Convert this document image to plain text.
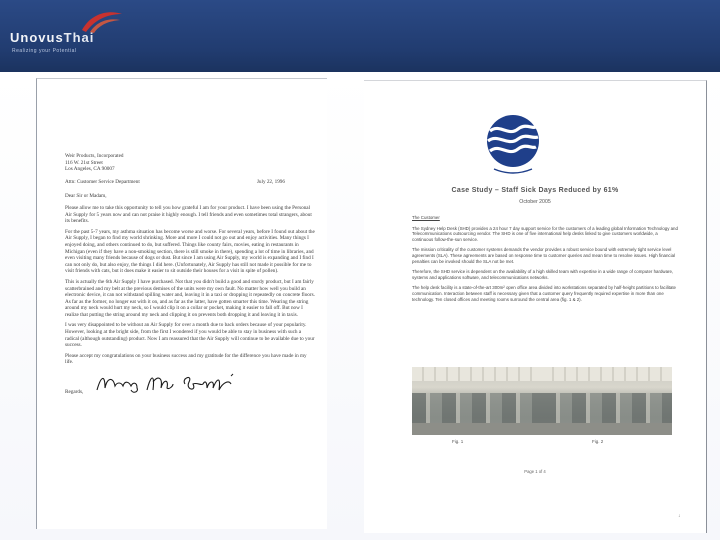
UnovusThai
Realizing your Potential
Weir Products, Incorporated
116 W. 21st Street
Los Angeles, CA 90007
Attn: Customer Service Department	July 22, 1996

Dear Sir or Madam,

Please allow me to take this opportunity to tell you how grateful I am for your product. I have been using the Personal Air Supply for 5 years now and can not praise it highly enough. I tell friends and even sometimes total strangers, about its benefits.

For the past 5-7 years, my asthma situation has become worse and worse. For several years, before I found out about the Air Supply, I began to find my world shrinking. More and more I could not go out and enjoy activities. Many things I enjoyed doing, and others continued to do, but suffered. Things like county fairs, movies, eating in restaurants in Michigan (even if they have a non-smoking section, there is still smoke in there), spending a lot of time in libraries, and even visiting many friends because of dogs or dust. But since I am using Air Supply, my world is expanding and I find I can not only do, but also enjoy, the things I did here. (Unfortunately, Air Supply has still not made it possible for me to visit friends with cats, but it does make it easier to sit outside their houses for a visit in spite of pollen).

This is actually the 6th Air Supply I have purchased. Not that you didn't build a good and sturdy product, but I am fairly scatterbrained and my belt at the previous demises of the units were my own fault. No matter how well you build an electronic device, it can not withstand spilling water and, leaving it in a taxi or dropping it repeatedly on concrete floors. As far as the former, no longer eat with it on, and as far as the latter, have gotten smarter this time. Wearing the string around my neck would hurt my neck, so I would clip it on a collar or pocket, making it easier to fall off. But now I realize that putting the string around my neck and clipping it on prevents both dropping it and leaving it in taxis.

I was very disappointed to be without an Air Supply for over a month due to back orders because of your popularity. However, looking at the bright side, from the first I wondered if you would be able to stay in business with such a radical (although outstanding) product. Now I am reassured that the Air Supply will continue to be available due to your success.

Please accept my congratulations on your business success and my gratitude for the difference you have made in my life.

Regards,
Case Study – Staff Sick Days Reduced by 61%
October 2005

The Customer

The Sydney Help Desk (SHD) provides a 24 hour 7 day support service for the customers of a leading global Information Technology and Telecommunications outsourcing vendor. The SHD is one of five international help desks linked to give customers worldwide, a continuous follow-the-sun service.

The mission criticality of the customer systems demands the vendor provides a robust service bound with extremely tight service level agreements (SLA). These agreements are based on response time to customer queries and mean time to resolve issues. High financial penalties can be invoked should the SLA not be met.

Therefore, the SHD service is dependent on the availability of a high skilled team with expertise in a wide range of computer hardware, systems and applications software, and telecommunications networks.

The help desk facility is a state-of-the-art 300m² open office area divided into workstations separated by half-height partitions to facilitate communication. Interaction between staff is necessary given that a customer query frequently required expertise in more than one technology. Ten closed offices and meeting rooms surround the central area (fig. 1 & 2).

Fig. 1	Fig. 2
Page 1 of 4
↓
